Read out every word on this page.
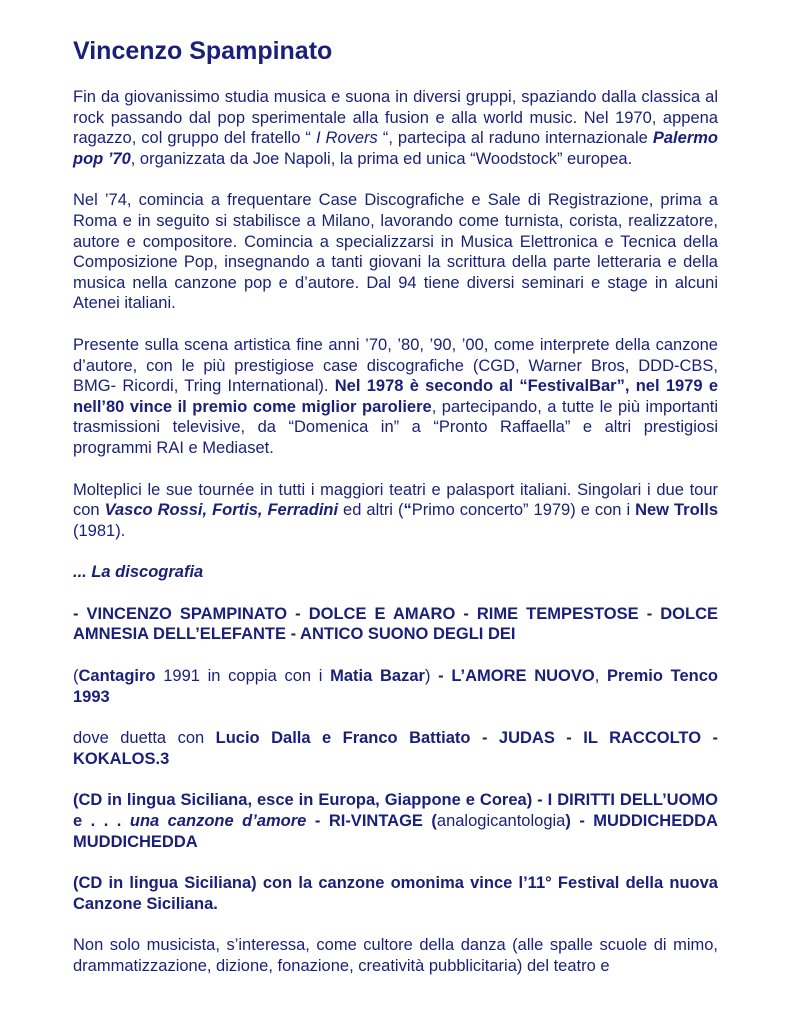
Vincenzo Spampinato

Fin da giovanissimo studia musica e suona in diversi gruppi, spaziando dalla classica al rock passando dal pop sperimentale alla fusion e alla world music. Nel 1970, appena ragazzo, col gruppo del fratello “ I Rovers “, partecipa al raduno internazionale Palermo pop ’70, organizzata da Joe Napoli, la prima ed unica “Woodstock” europea.

Nel ’74, comincia a frequentare Case Discografiche e Sale di Registrazione, prima a Roma e in seguito si stabilisce a Milano, lavorando come turnista, corista, realizzatore, autore e compositore. Comincia a specializzarsi in Musica Elettronica e Tecnica della Composizione Pop, insegnando a tanti giovani la scrittura della parte letteraria e della musica nella canzone pop e d’autore. Dal 94 tiene diversi seminari e stage in alcuni Atenei italiani.

Presente sulla scena artistica fine anni ’70, ’80, ’90, ’00, come interprete della canzone d’autore, con le più prestigiose case discografiche (CGD, Warner Bros, DDD-CBS, BMG- Ricordi, Tring International). Nel 1978 è secondo al “FestivalBar”, nel 1979 e nell’80 vince il premio come miglior paroliere, partecipando, a tutte le più importanti trasmissioni televisive, da “Domenica in” a “Pronto Raffaella” e altri prestigiosi programmi RAI e Mediaset.

Molteplici le sue tournée in tutti i maggiori teatri e palasport italiani. Singolari i due tour con Vasco Rossi, Fortis, Ferradini ed altri (“Primo concerto” 1979) e con i New Trolls (1981).

... La discografia

- VINCENZO SPAMPINATO - DOLCE E AMARO - RIME TEMPESTOSE - DOLCE AMNESIA DELL’ELEFANTE - ANTICO SUONO DEGLI DEI

(Cantagiro 1991 in coppia con i Matia Bazar) - L’AMORE NUOVO, Premio Tenco 1993

dove duetta con Lucio Dalla e Franco Battiato - JUDAS - IL RACCOLTO - KOKALOS.3

(CD in lingua Siciliana, esce in Europa, Giappone e Corea) - I DIRITTI DELL’UOMO e . . . una canzone d’amore - RI-VINTAGE (analogicantologia) - MUDDICHEDDA MUDDICHEDDA

(CD in lingua Siciliana) con la canzone omonima vince l’11° Festival della nuova Canzone Siciliana.

Non solo musicista, s’interessa, come cultore della danza (alle spalle scuole di mimo, drammatizzazione, dizione, fonazione, creatività pubblicitaria) del teatro e
